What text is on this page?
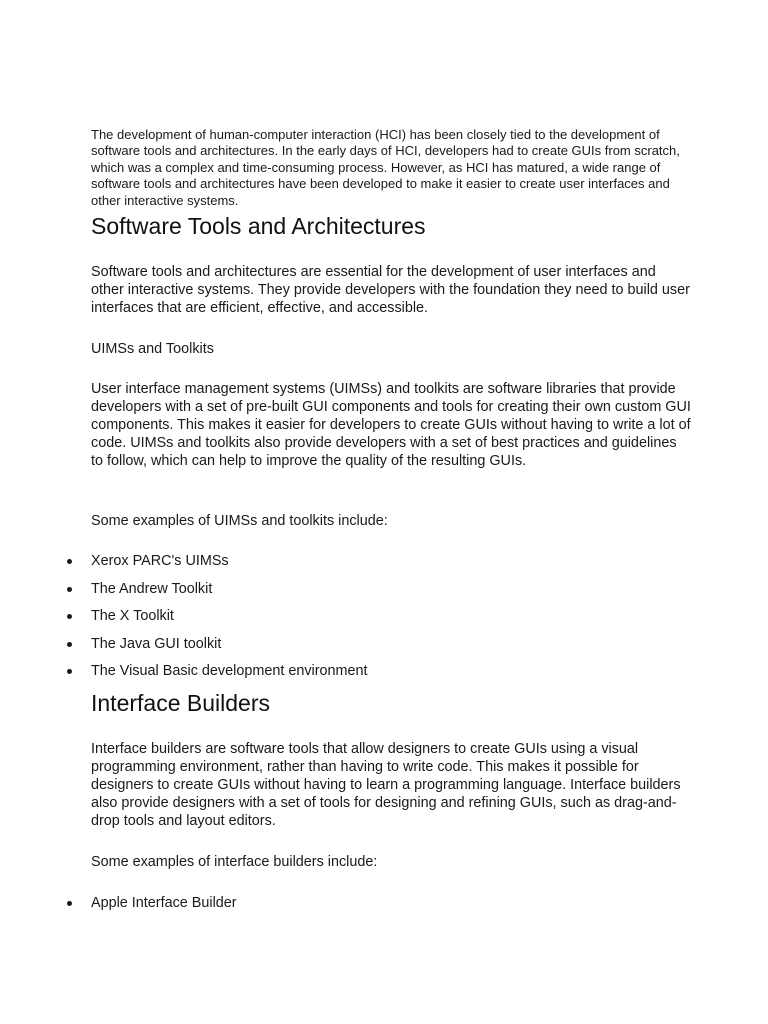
The development of human-computer interaction (HCI) has been closely tied to the development of software tools and architectures. In the early days of HCI, developers had to create GUIs from scratch, which was a complex and time-consuming process. However, as HCI has matured, a wide range of software tools and architectures have been developed to make it easier to create user interfaces and other interactive systems.

Software Tools and Architectures

Software tools and architectures are essential for the development of user interfaces and other interactive systems. They provide developers with the foundation they need to build user interfaces that are efficient, effective, and accessible.

UIMSs and Toolkits

User interface management systems (UIMSs) and toolkits are software libraries that provide developers with a set of pre-built GUI components and tools for creating their own custom GUI components. This makes it easier for developers to create GUIs without having to write a lot of code. UIMSs and toolkits also provide developers with a set of best practices and guidelines to follow, which can help to improve the quality of the resulting GUIs.

Some examples of UIMSs and toolkits include:

Xerox PARC's UIMSs
The Andrew Toolkit
The X Toolkit
The Java GUI toolkit
The Visual Basic development environment
Interface Builders

Interface builders are software tools that allow designers to create GUIs using a visual programming environment, rather than having to write code. This makes it possible for designers to create GUIs without having to learn a programming language. Interface builders also provide designers with a set of tools for designing and refining GUIs, such as drag-and-drop tools and layout editors.

Some examples of interface builders include:

Apple Interface Builder
